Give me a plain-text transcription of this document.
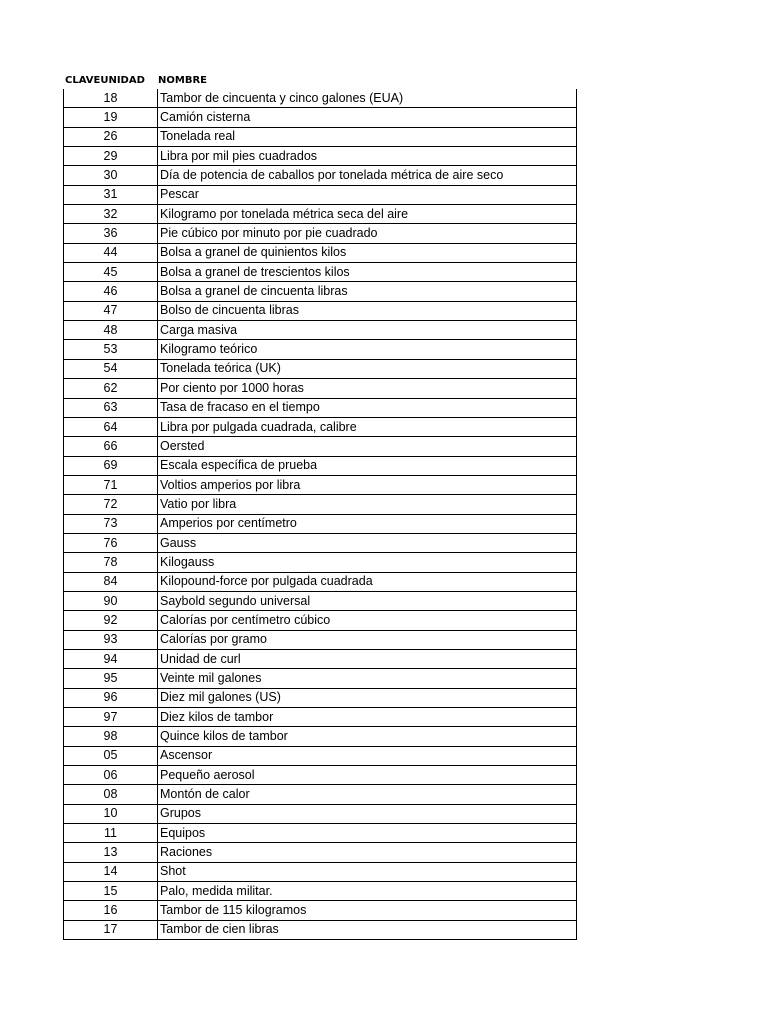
CLAVEUNIDAD	NOMBRE
18	Tambor de cincuenta y cinco galones (EUA)
19	Camión cisterna
26	Tonelada real
29	Libra por mil pies cuadrados
30	Día de potencia de caballos por tonelada métrica de aire seco
31	Pescar
32	Kilogramo por tonelada métrica seca del aire
36	Pie cúbico por minuto por pie cuadrado
44	Bolsa a granel de quinientos kilos
45	Bolsa a granel de trescientos kilos
46	Bolsa a granel de cincuenta libras
47	Bolso de cincuenta libras
48	Carga masiva
53	Kilogramo teórico
54	Tonelada teórica (UK)
62	Por ciento por 1000 horas
63	Tasa de fracaso en el tiempo
64	Libra por pulgada cuadrada, calibre
66	Oersted
69	Escala específica de prueba
71	Voltios amperios por libra
72	Vatio por libra
73	Amperios por centímetro
76	Gauss
78	Kilogauss
84	Kilopound-force por pulgada cuadrada
90	Saybold segundo universal
92	Calorías por centímetro cúbico
93	Calorías por gramo
94	Unidad de curl
95	Veinte mil galones
96	Diez mil galones (US)
97	Diez kilos de tambor
98	Quince kilos de tambor
05	Ascensor
06	Pequeño aerosol
08	Montón de calor
10	Grupos
11	Equipos
13	Raciones
14	Shot
15	Palo, medida militar.
16	Tambor de 115 kilogramos
17	Tambor de cien libras
